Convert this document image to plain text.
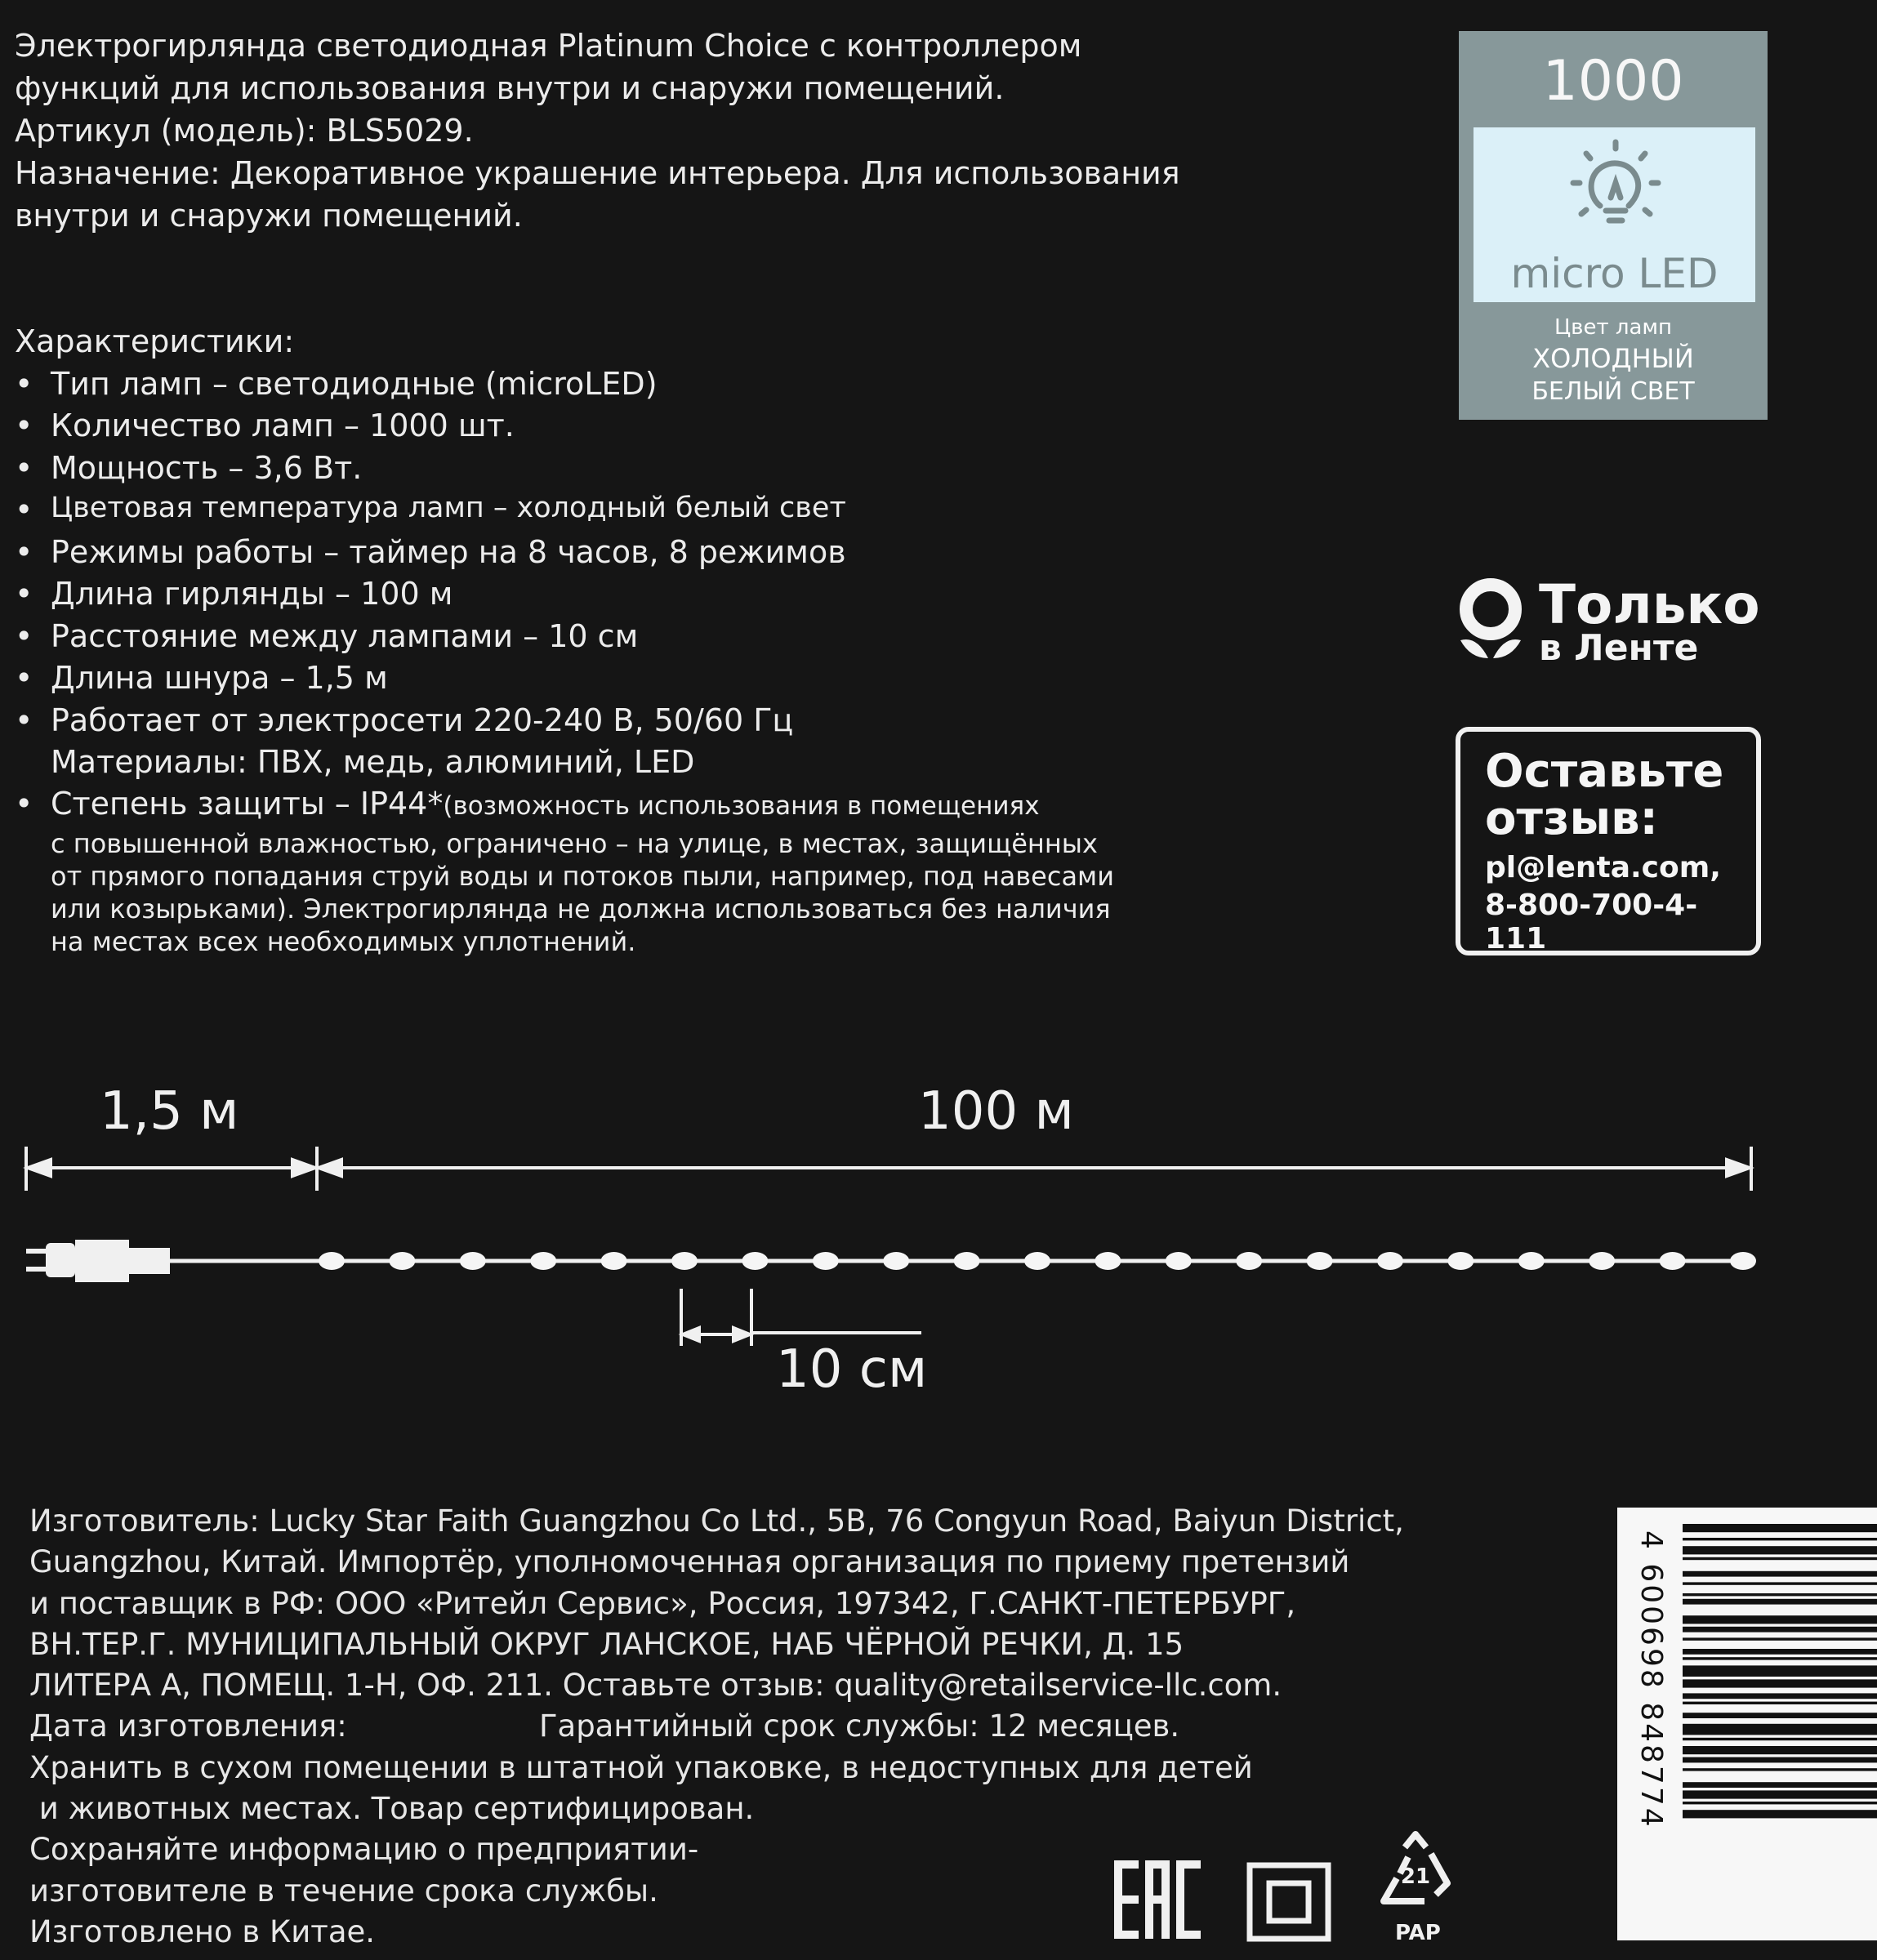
Электрогирлянда светодиодная Platinum Choice с контроллером
функций для использования внутри и снаружи помещений.
Артикул (модель): BLS5029.
Назначение: Декоративное украшение интерьера. Для использования
внутри и снаружи помещений.
Характеристики:
• Тип ламп – светодиодные (microLED)
• Количество ламп – 1000 шт.
• Мощность – 3,6 Вт.
• Цветовая температура ламп – холодный белый свет
• Режимы работы – таймер на 8 часов, 8 режимов
• Длина гирлянды – 100 м
• Расстояние между лампами – 10 см
• Длина шнура – 1,5 м
• Работает от электросети 220-240 В, 50/60 Гц
Материалы: ПВХ, медь, алюминий, LED
• Степень защиты – IP44*(возможность использования в помещениях
с повышенной влажностью, ограничено – на улице, в местах, защищённых
от прямого попадания струй воды и потоков пыли, например, под навесами
или козырьками). Электрогирлянда не должна использоваться без наличия
на местах всех необходимых уплотнений.
1000
micro LED
Цвет ламп
ХОЛОДНЫЙ
БЕЛЫЙ СВЕТ
Только
в Ленте
Оставьте
отзыв:
pl@lenta.com,
8-800-700-4-111
1,5 м	100 м
10 см
Изготовитель: Lucky Star Faith Guangzhou Co Ltd., 5B, 76 Congyun Road, Baiyun District,
Guangzhou, Китай. Импортёр, уполномоченная организация по приему претензий
и поставщик в РФ: ООО «Ритейл Сервис», Россия, 197342, Г.САНКТ-ПЕТЕРБУРГ,
ВН.ТЕР.Г. МУНИЦИПАЛЬНЫЙ ОКРУГ ЛАНСКОЕ, НАБ ЧЁРНОЙ РЕЧКИ, Д. 15
ЛИТЕРА А, ПОМЕЩ. 1-Н, ОФ. 211. Оставьте отзыв: quality@retailservice-llc.com.
Дата изготовления:                    Гарантийный срок службы: 12 месяцев.
Хранить в сухом помещении в штатной упаковке, в недоступных для детей
и животных местах. Товар сертифицирован.
Сохраняйте информацию о предприятии-
изготовителе в течение срока службы.
Изготовлено в Китае.
21
PAP
4 600698 848774
